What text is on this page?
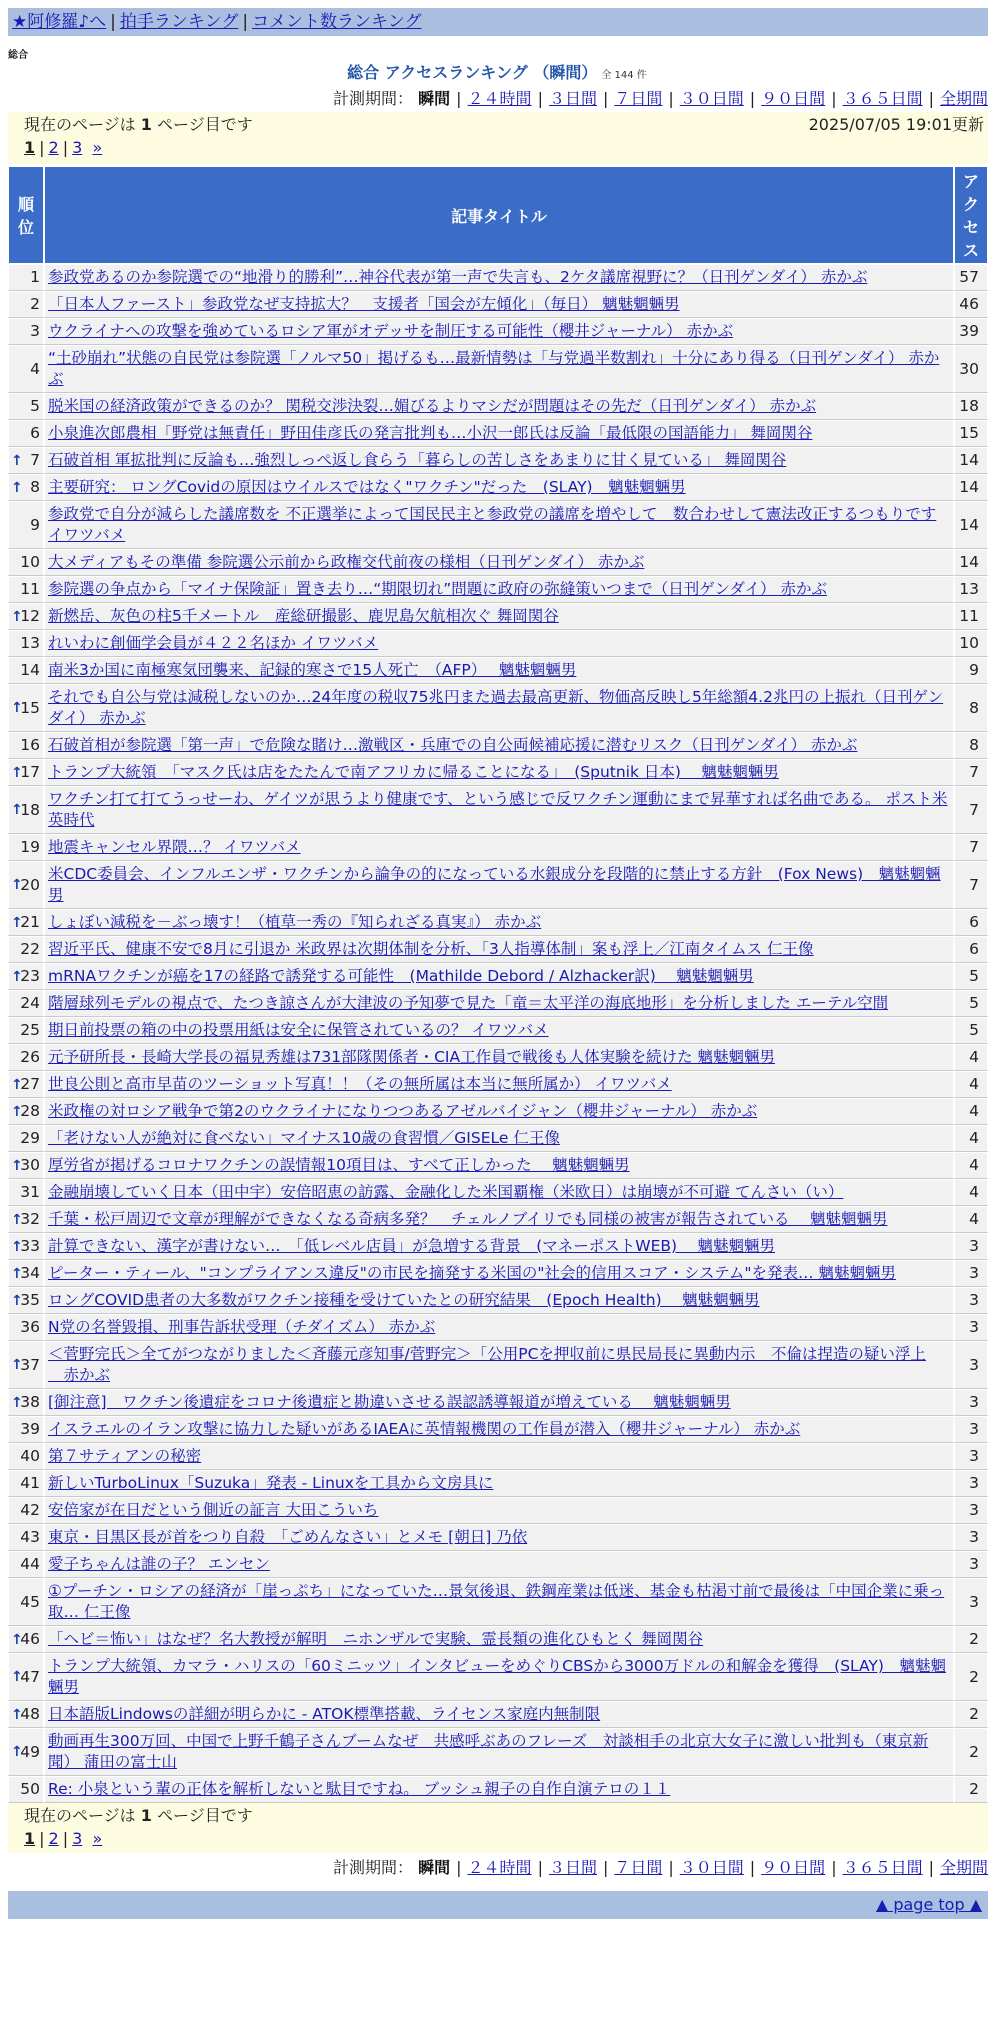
★阿修羅♪へ | 拍手ランキング | コメント数ランキング
総合
総合 アクセスランキング （瞬間） 全 144 件
計測期間： 瞬間 | ２４時間 | ３日間 | ７日間 | ３０日間 | ９０日間 | ３６５日間 | 全期間
現在のページは 1 ページ目です	2025/07/05 19:01更新
1 | 2 | 3 »
順位	記事タイトル	アクセス
1	参政党あるのか参院選での“地滑り的勝利”…神谷代表が第一声で失言も、2ケタ議席視野に？（日刊ゲンダイ） 赤かぶ	57
2	「日本人ファースト」参政党なぜ支持拡大？　支援者「国会が左傾化」（毎日） 魑魅魍魎男	46
3	ウクライナへの攻撃を強めているロシア軍がオデッサを制圧する可能性（櫻井ジャーナル） 赤かぶ	39
4	“土砂崩れ”状態の自民党は参院選「ノルマ50」掲げるも…最新情勢は「与党過半数割れ」十分にあり得る（日刊ゲンダイ） 赤かぶ	30
5	脱米国の経済政策ができるのか？ 関税交渉決裂…媚びるよりマシだが問題はその先だ（日刊ゲンダイ） 赤かぶ	18
6	小泉進次郎農相「野党は無責任」野田佳彦氏の発言批判も…小沢一郎氏は反論「最低限の国語能力」 舞岡関谷	15

↑ 7	石破首相 軍拡批判に反論も…強烈しっぺ返し食らう「暮らしの苦しさをあまりに甘く見ている」 舞岡関谷	14

↑ 8	主要研究： ロングCovidの原因はウイルスではなく"ワクチン"だった　(SLAY)　魑魅魍魎男	14
9	参政党で自分が減らした議席数を 不正選挙によって国民民主と参政党の議席を増やして　数合わせして憲法改正するつもりです イワツバメ	14
10	大メディアもその準備 参院選公示前から政権交代前夜の様相（日刊ゲンダイ） 赤かぶ	14
11	参院選の争点から「マイナ保険証」置き去り…“期限切れ”問題に政府の弥縫策いつまで（日刊ゲンダイ） 赤かぶ	13

↑
12	新燃岳、灰色の柱5千メートル　産総研撮影、鹿児島欠航相次ぐ 舞岡関谷	11
13	れいわに創価学会員が４２２名ほか イワツバメ	10
14	南米3か国に南極寒気団襲来、記録的寒さで15人死亡　（AFP）　 魑魅魍魎男	9

↑
15	それでも自公与党は減税しないのか…24年度の税収75兆円また過去最高更新、物価高反映し5年総額4.2兆円の上振れ（日刊ゲンダイ） 赤かぶ	8
16	石破首相が参院選「第一声」で危険な賭け…激戦区・兵庫での自公両候補応援に潜むリスク（日刊ゲンダイ） 赤かぶ	8

↑
17	トランプ大統領　「マスク氏は店をたたんで南アフリカに帰ることになる」　(Sputnik 日本)　 魑魅魍魎男	7

↑
18	ワクチン打て打てうっせーわ、ゲイツが思うより健康です、という感じで反ワクチン運動にまで昇華すれば名曲である。 ポスト米英時代	7
19	地震キャンセル界隈…？ イワツバメ	7

↑
20	米CDC委員会、インフルエンザ・ワクチンから論争の的になっている水銀成分を段階的に禁止する方針　(Fox News)　魑魅魍魎男	7

↑
21	しょぼい減税を－ぶっ壊す！（植草一秀の『知られざる真実』） 赤かぶ	6
22	習近平氏、健康不安で8月に引退か 米政界は次期体制を分析、「3人指導体制」案も浮上／江南タイムス 仁王像	6

↑
23	mRNAワクチンが癌を17の経路で誘発する可能性　(Mathilde Debord / Alzhacker訳)　 魑魅魍魎男	5
24	階層球列モデルの視点で、たつき諒さんが大津波の予知夢で見た「竜＝太平洋の海底地形」を分析しました エーテル空間	5
25	期日前投票の箱の中の投票用紙は安全に保管されているの？ イワツバメ	5
26	元予研所長・長崎大学長の福見秀雄は731部隊関係者・CIA工作員で戦後も人体実験を続けた 魑魅魍魎男	4

↑
27	世良公則と高市早苗のツーショット写真！！（その無所属は本当に無所属か） イワツバメ	4

↑
28	米政権の対ロシア戦争で第2のウクライナになりつつあるアゼルバイジャン（櫻井ジャーナル） 赤かぶ	4
29	「老けない人が絶対に食べない」マイナス10歳の食習慣／GISELe 仁王像	4

↑
30	厚労省が掲げるコロナワクチンの誤情報10項目は、すべて正しかった　 魑魅魍魎男	4
31	金融崩壊していく日本（田中宇）安倍昭恵の訪露、金融化した米国覇権（米欧日）は崩壊が不可避 てんさい（い）	4

↑
32	千葉・松戸周辺で文章が理解ができなくなる奇病多発？　チェルノブイリでも同様の被害が報告されている　 魑魅魍魎男	4

↑
33	計算できない、漢字が書けない…　「低レベル店員」が急増する背景　(マネーポストWEB)　 魑魅魍魎男	3

↑
34	ピーター・ティール、"コンプライアンス違反"の市民を摘発する米国の"社会的信用スコア・システム"を発表… 魑魅魍魎男	3

↑
35	ロングCOVID患者の大多数がワクチン接種を受けていたとの研究結果　(Epoch Health)　 魑魅魍魎男	3
36	N党の名誉毀損、刑事告訴状受理（チダイズム） 赤かぶ	3

↑
37	＜菅野完氏＞全てがつながりました＜斉藤元彦知事/菅野完＞「公用PCを押収前に県民局長に異動内示　不倫は捏造の疑い浮上 　赤かぶ	3

↑
38	[御注意]　ワクチン後遺症をコロナ後遺症と勘違いさせる誤認誘導報道が増えている　 魑魅魍魎男	3
39	イスラエルのイラン攻撃に協力した疑いがあるIAEAに英情報機関の工作員が潜入（櫻井ジャーナル） 赤かぶ	3
40	第７サティアンの秘密	3
41	新しいTurboLinux「Suzuka」発表 - Linuxを工具から文房具に	3
42	安倍家が在日だという側近の証言 大田こういち	3
43	東京・目黒区長が首をつり自殺　「ごめんなさい」とメモ [朝日] 乃依	3
44	愛子ちゃんは誰の子？ エンセン	3
45	①プーチン・ロシアの経済が「崖っぷち」になっていた…景気後退、鉄鋼産業は低迷、基金も枯渇寸前で最後は「中国企業に乗っ取… 仁王像	3

↑
46	「ヘビ＝怖い」はなぜ？名大教授が解明　ニホンザルで実験、霊長類の進化ひもとく 舞岡関谷	2

↑
47	トランプ大統領、カマラ・ハリスの「60ミニッツ」インタビューをめぐりCBSから3000万ドルの和解金を獲得　(SLAY)　魑魅魍魎男	2

↑
48	日本語版Lindowsの詳細が明らかに - ATOK標準搭載、ライセンス家庭内無制限	2

↑
49	動画再生300万回、中国で上野千鶴子さんブームなぜ　共感呼ぶあのフレーズ　対談相手の北京大女子に激しい批判も（東京新聞） 蒲田の富士山	2
50	Re: 小泉という輩の正体を解析しないと駄目ですね。 ブッシュ親子の自作自演テロの１１	2
現在のページは 1 ページ目です
1 | 2 | 3 »
計測期間： 瞬間 | ２４時間 | ３日間 | ７日間 | ３０日間 | ９０日間 | ３６５日間 | 全期間
▲ page top ▲
